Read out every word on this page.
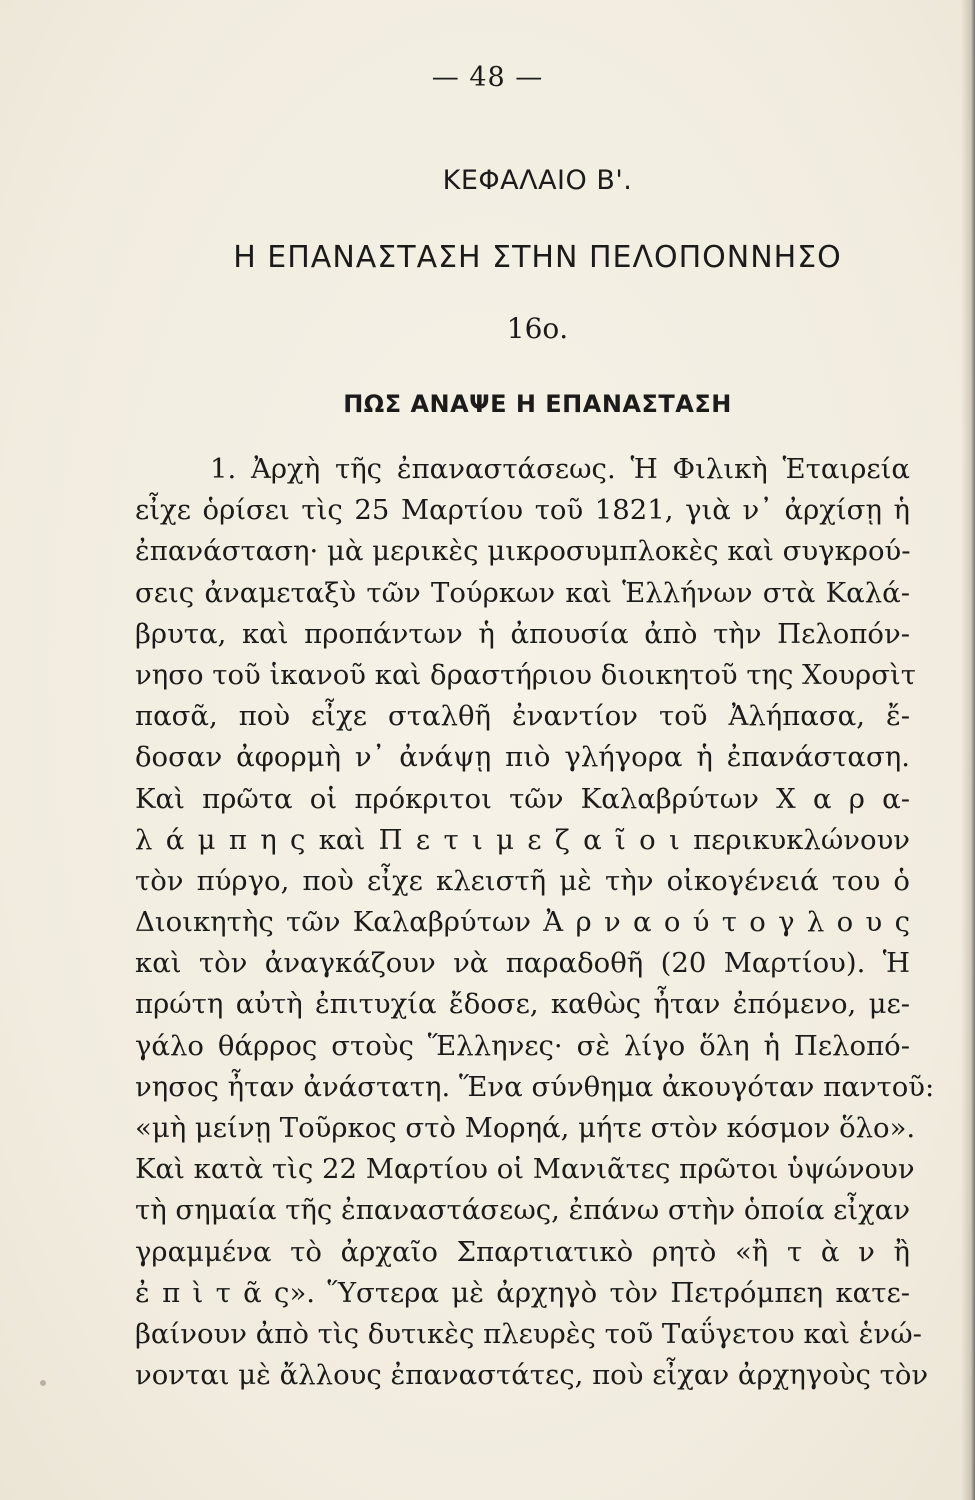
— 48 —
ΚΕΦΑΛΑΙΟ Β'.
Η ΕΠΑΝΑΣΤΑΣΗ ΣΤΗΝ ΠΕΛΟΠΟΝΝΗΣΟ
16ο.
ΠΩΣ ΑΝΑΨΕ Η ΕΠΑΝΑΣΤΑΣΗ
1. Ἀρχὴ τῆς ἐπαναστάσεως. Ἡ Φιλικὴ Ἑταιρεία
εἶχε ὁρίσει τὶς 25 Μαρτίου τοῦ 1821, γιὰ ν᾽ ἀρχίσῃ ἡ
ἐπανάσταση· μὰ μερικὲς μικροσυμπλοκὲς καὶ συγκρού-
σεις ἀναμεταξὺ τῶν Τούρκων καὶ Ἑλλήνων στὰ Καλά-
βρυτα, καὶ προπάντων ἡ ἀπουσία ἀπὸ τὴν Πελοπόν-
νησο τοῦ ἱκανοῦ καὶ δραστήριου διοικητοῦ της Χουρσὶτ
πασᾶ, ποὺ εἶχε σταλθῆ ἐναντίον τοῦ Ἀλήπασα, ἔ-
δοσαν ἀφορμὴ ν᾽ ἀνάψῃ πιὸ γλήγορα ἡ ἐπανάσταση.
Καὶ πρῶτα οἱ πρόκριτοι τῶν Καλαβρύτων Χ α ρ α-
λ ά μ π η ς καὶ Π ε τ ι μ ε ζ α ῖ ο ι περικυκλώνουν
τὸν πύργο, ποὺ εἶχε κλειστῆ μὲ τὴν οἰκογένειά του ὁ
Διοικητὴς τῶν Καλαβρύτων Ἀ ρ ν α ο ύ τ ο γ λ ο υ ς
καὶ τὸν ἀναγκάζουν νὰ παραδοθῆ (20 Μαρτίου). Ἡ
πρώτη αὐτὴ ἐπιτυχία ἔδοσε, καθὼς ἦταν ἐπόμενο, με-
γάλο θάρρος στοὺς Ἕλληνες· σὲ λίγο ὅλη ἡ Πελοπό-
νησος ἦταν ἀνάστατη. Ἕνα σύνθημα ἀκουγόταν παντοῦ:
«μὴ μείνῃ Τοῦρκος στὸ Μορηά, μήτε στὸν κόσμον ὅλο».
Καὶ κατὰ τὶς 22 Μαρτίου οἱ Μανιᾶτες πρῶτοι ὑψώνουν
τὴ σημαία τῆς ἐπαναστάσεως, ἐπάνω στὴν ὁποία εἶχαν
γραμμένα τὸ ἀρχαῖο Σπαρτιατικὸ ρητὸ «ἢ τ ὰ ν ἢ
ἐ π ὶ τ ᾶ ς». Ὕστερα μὲ ἀρχηγὸ τὸν Πετρόμπεη κατε-
βαίνουν ἀπὸ τὶς δυτικὲς πλευρὲς τοῦ Ταΰγετου καὶ ἑνώ-
νονται μὲ ἄλλους ἐπαναστάτες, ποὺ εἶχαν ἀρχηγοὺς τὸν
